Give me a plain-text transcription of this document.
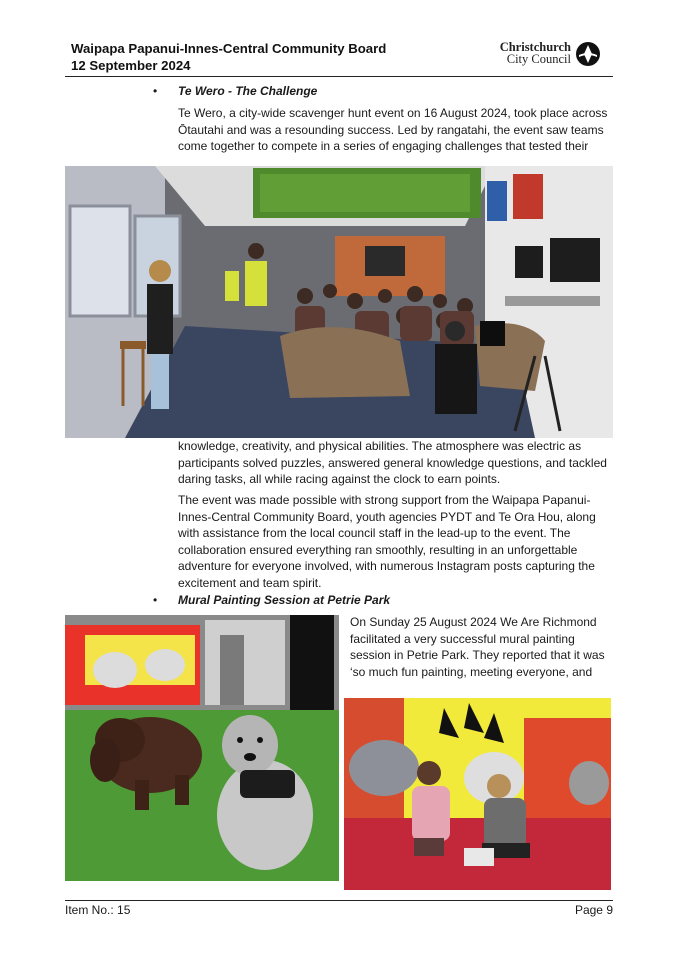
Waipapa Papanui-Innes-Central Community Board
12 September 2024
Christchurch
City Council
• Te Wero - The Challenge

Te Wero, a city-wide scavenger hunt event on 16 August 2024, took place across Ōtautahi and was a resounding success. Led by rangatahi, the event saw teams come together to compete in a series of engaging challenges that tested their

knowledge, creativity, and physical abilities. The atmosphere was electric as participants solved puzzles, answered general knowledge questions, and tackled daring tasks, all while racing against the clock to earn points.

The event was made possible with strong support from the Waipapa Papanui-Innes-Central Community Board, youth agencies PYDT and Te Ora Hou, along with assistance from the local council staff in the lead-up to the event. The collaboration ensured everything ran smoothly, resulting in an unforgettable adventure for everyone involved, with numerous Instagram posts capturing the excitement and team spirit.

• Mural Painting Session at Petrie Park

On Sunday 25 August 2024 We Are Richmond facilitated a very successful mural painting session in Petrie Park. They reported that it was ‘so much fun painting, meeting everyone, and

Item No.: 15	Page 9
